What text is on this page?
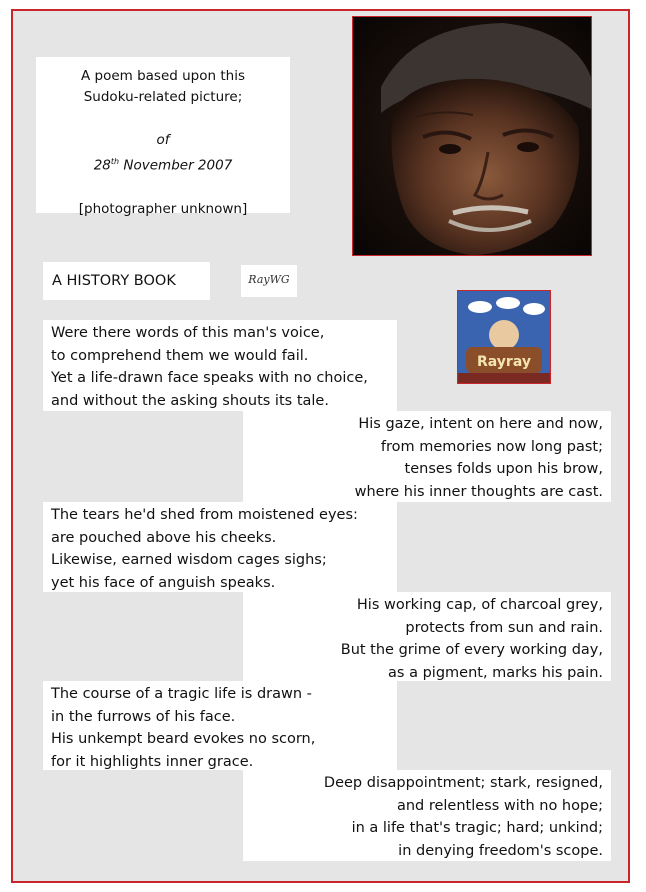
A poem based upon this
Sudoku-related picture;
of
28th November 2007
[photographer unknown]
A HISTORY BOOK	RayWG
Rayray
Were there words of this man's voice,
to comprehend them we would fail.
Yet a life-drawn face speaks with no choice,
and without the asking shouts its tale.
His gaze, intent on here and now,
from memories now long past;
tenses folds upon his brow,
where his inner thoughts are cast.
The tears he'd shed from moistened eyes:
are pouched above his cheeks.
Likewise, earned wisdom cages sighs;
yet his face of anguish speaks.
His working cap, of charcoal grey,
protects from sun and rain.
But the grime of every working day,
as a pigment, marks his pain.
The course of a tragic life is drawn -
in the furrows of his face.
His unkempt beard evokes no scorn,
for it highlights inner grace.
Deep disappointment; stark, resigned,
and relentless with no hope;
in a life that's tragic; hard; unkind;
in denying freedom's scope.
